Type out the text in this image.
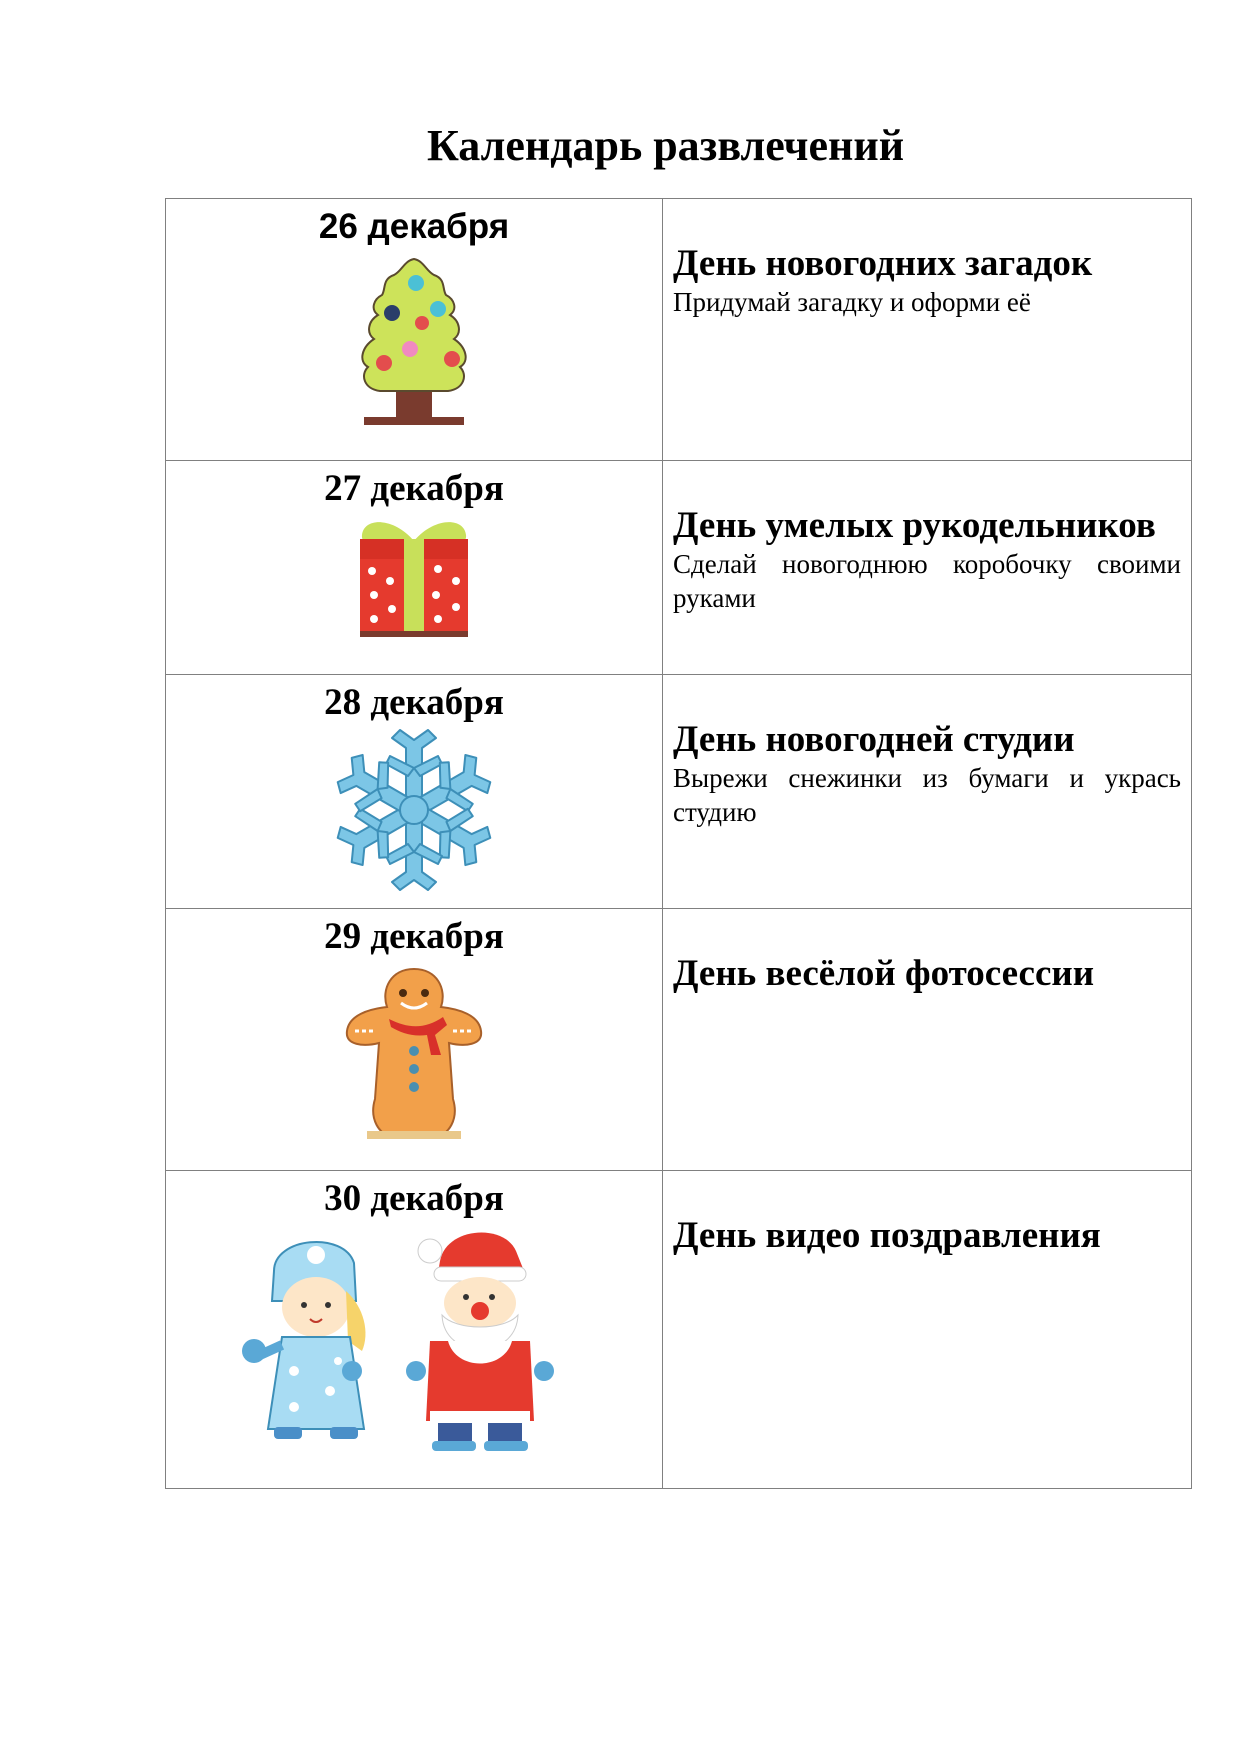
Календарь развлечений
26 декабря	День новогодних загадок
Придумай загадку и оформи её

27 декабря	День умелых рукодельников
Сделай новогоднюю коробочку своими руками

28 декабря	День новогодней студии
Вырежи снежинки из бумаги и укрась студию

29 декабря	День весёлой фотосессии

30 декабря	День видео поздравления
